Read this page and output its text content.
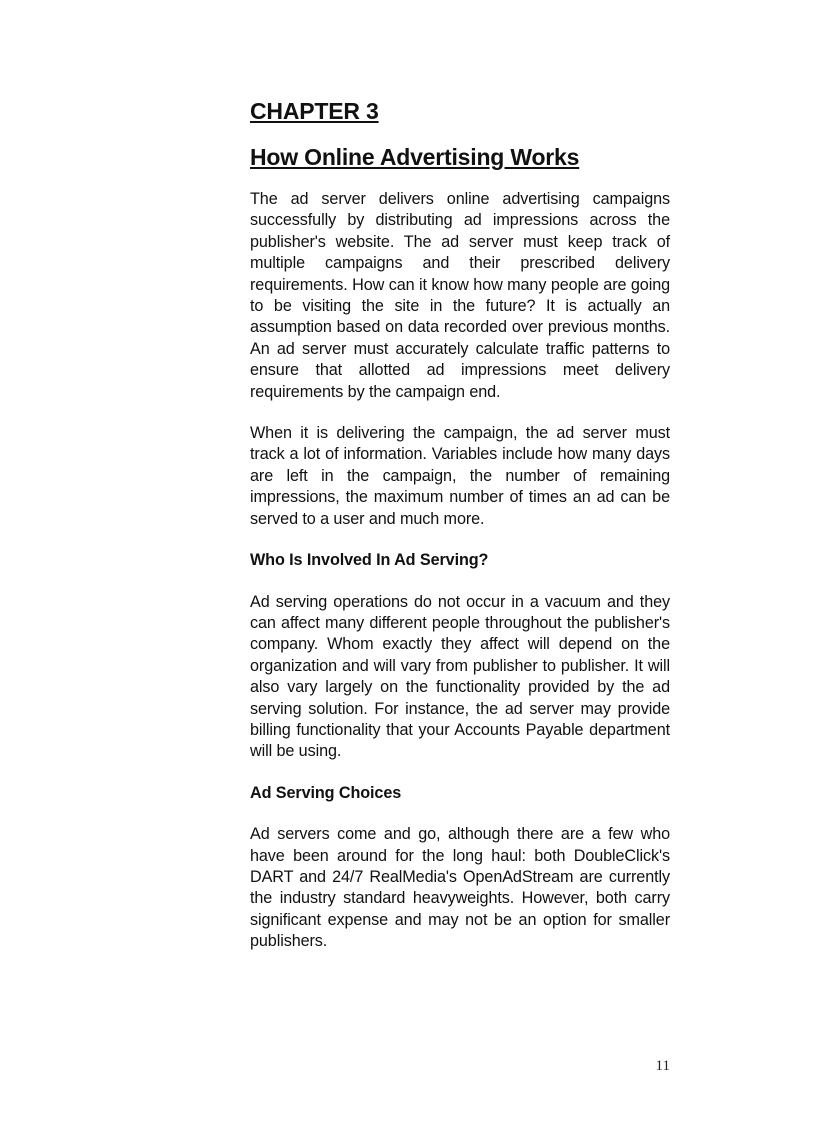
CHAPTER 3
How Online Advertising Works

The ad server delivers online advertising campaigns successfully by distributing ad impressions across the publisher's website. The ad server must keep track of multiple campaigns and their prescribed delivery requirements. How can it know how many people are going to be visiting the site in the future? It is actually an assumption based on data recorded over previous months. An ad server must accurately calculate traffic patterns to ensure that allotted ad impressions meet delivery requirements by the campaign end.

When it is delivering the campaign, the ad server must track a lot of information. Variables include how many days are left in the campaign, the number of remaining impressions, the maximum number of times an ad can be served to a user and much more.

Who Is Involved In Ad Serving?

Ad serving operations do not occur in a vacuum and they can affect many different people throughout the publisher's company. Whom exactly they affect will depend on the organization and will vary from publisher to publisher. It will also vary largely on the functionality provided by the ad serving solution. For instance, the ad server may provide billing functionality that your Accounts Payable department will be using.

Ad Serving Choices

Ad servers come and go, although there are a few who have been around for the long haul: both DoubleClick's DART and 24/7 RealMedia's OpenAdStream are currently the industry standard heavyweights. However, both carry significant expense and may not be an option for smaller publishers.

11
